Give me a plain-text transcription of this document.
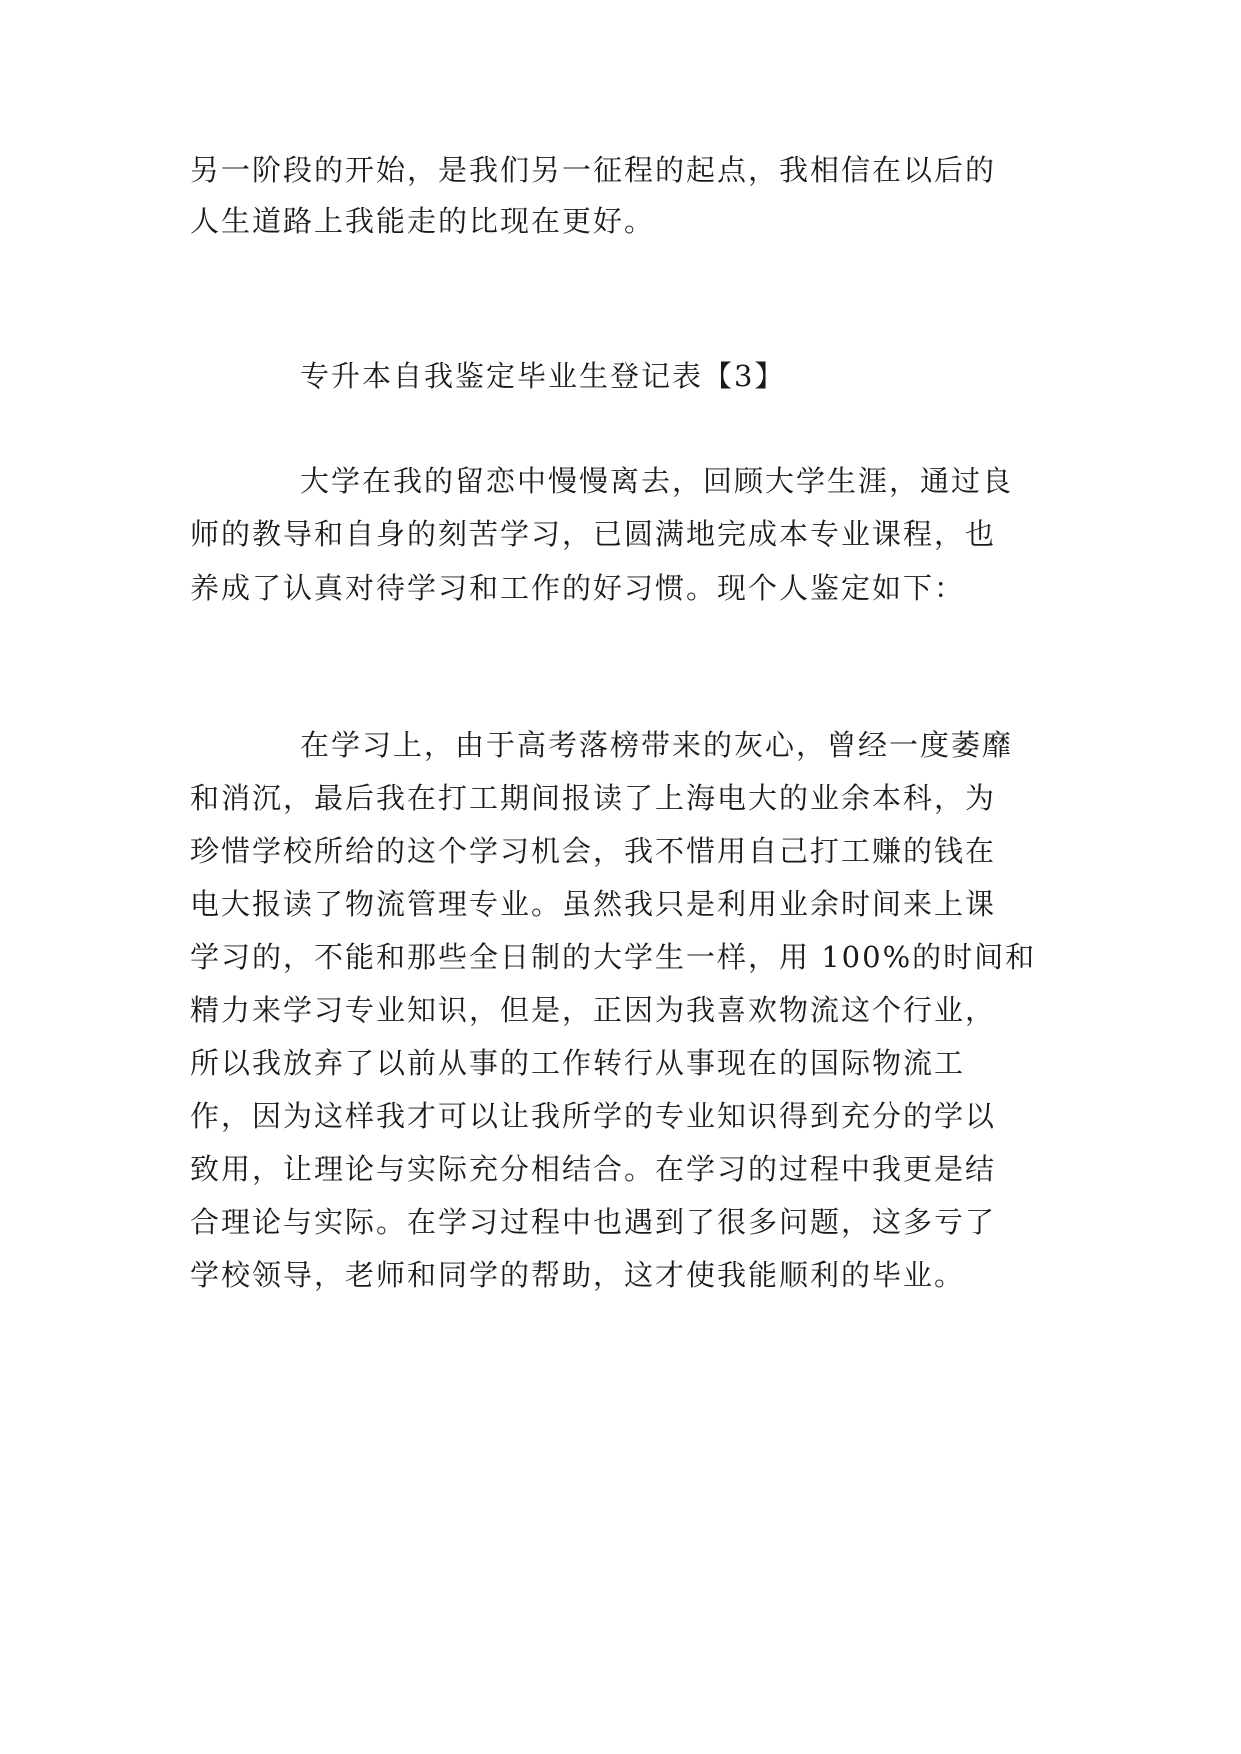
另一阶段的开始，是我们另一征程的起点，我相信在以后的

人生道路上我能走的比现在更好。

专升本自我鉴定毕业生登记表【3】

大学在我的留恋中慢慢离去，回顾大学生涯，通过良

师的教导和自身的刻苦学习，已圆满地完成本专业课程，也

养成了认真对待学习和工作的好习惯。现个人鉴定如下：

在学习上，由于高考落榜带来的灰心，曾经一度萎靡

和消沉，最后我在打工期间报读了上海电大的业余本科，为

珍惜学校所给的这个学习机会，我不惜用自己打工赚的钱在

电大报读了物流管理专业。虽然我只是利用业余时间来上课

学习的，不能和那些全日制的大学生一样，用 100%的时间和

精力来学习专业知识，但是，正因为我喜欢物流这个行业，

所以我放弃了以前从事的工作转行从事现在的国际物流工

作，因为这样我才可以让我所学的专业知识得到充分的学以

致用，让理论与实际充分相结合。在学习的过程中我更是结

合理论与实际。在学习过程中也遇到了很多问题，这多亏了

学校领导，老师和同学的帮助，这才使我能顺利的毕业。
